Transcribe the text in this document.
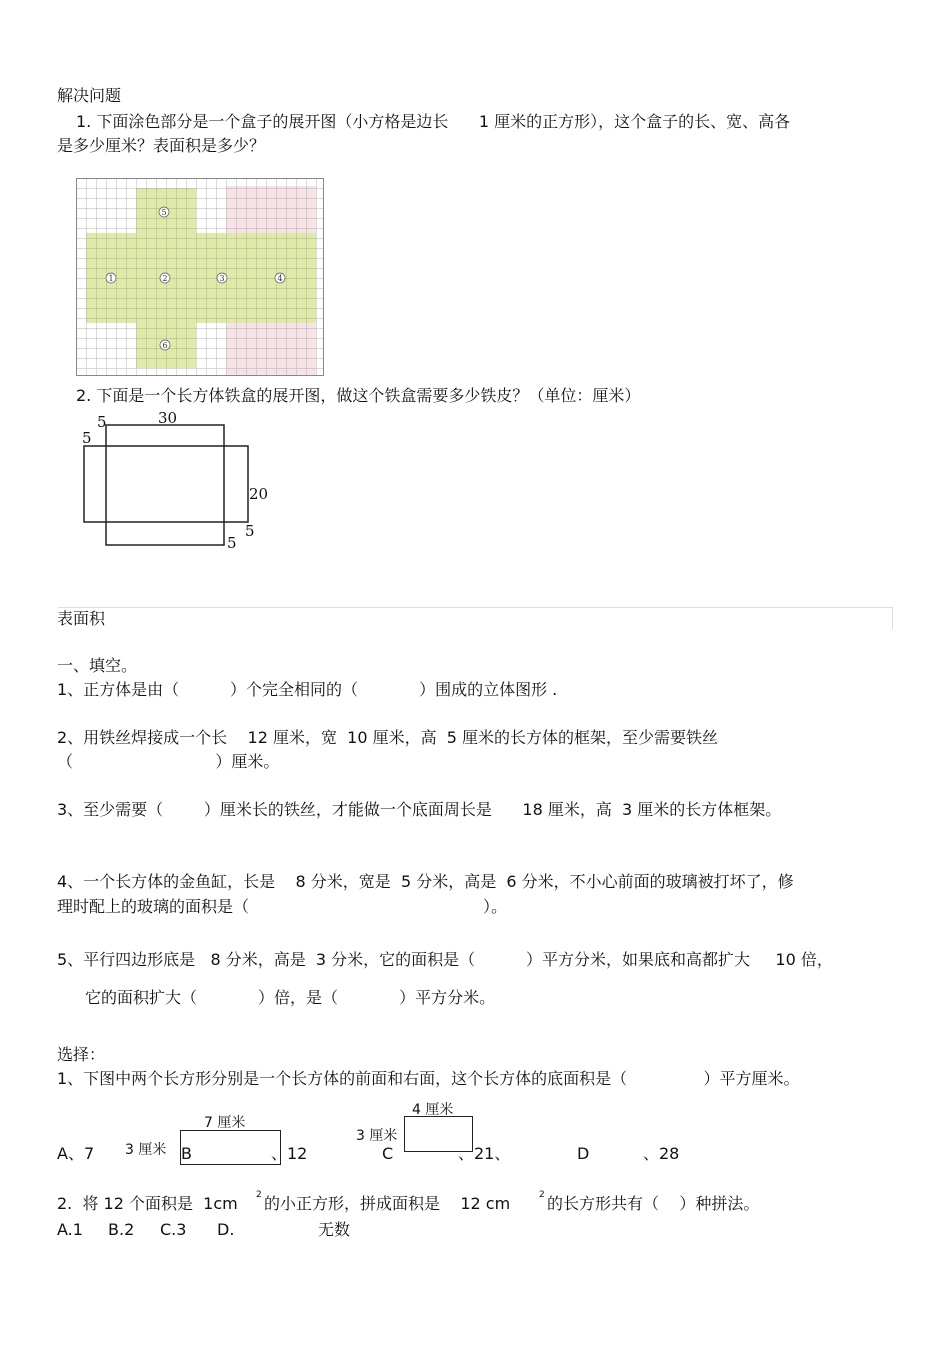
解决问题
1. 下面涂色部分是一个盒子的展开图（小方格是边长      1 厘米的正方形），这个盒子的长、宽、高各
是多少厘米？表面积是多少？
1	2	3	4
5
6
2. 下面是一个长方体铁盒的展开图，做这个铁盒需要多少铁皮？（单位：厘米）
5
5
30
20
5
5
表面积
一、填空。
1、正方体是由（          ）个完全相同的（            ）围成的立体图形 .
2、用铁丝焊接成一个长    12 厘米，宽  10 厘米，高  5 厘米的长方体的框架，至少需要铁丝
（                            ）厘米。
3、至少需要（        ）厘米长的铁丝，才能做一个底面周长是      18 厘米，高  3 厘米的长方体框架。
4、一个长方体的金鱼缸，长是    8 分米，宽是  5 分米，高是  6 分米，不小心前面的玻璃被打坏了，修
理时配上的玻璃的面积是（                                              ）。
5、平行四边形底是   8 分米，高是  3 分米，它的面积是（          ）平方分米，如果底和高都扩大     10 倍，
它的面积扩大（            ）倍，是（            ）平方分米。
选择：
1、下图中两个长方形分别是一个长方体的前面和右面，这个长方体的底面积是（               ）平方厘米。
7 厘米
3 厘米
4 厘米
3 厘米
A、7	B	、12	C	、21、	D	、28
2.  将 12 个面积是  1cm 2 的小正方形，拼成面积是    12 cm	2 的长方形共有（    ）种拼法。
A.1 B.2 C.3 D.	无数
